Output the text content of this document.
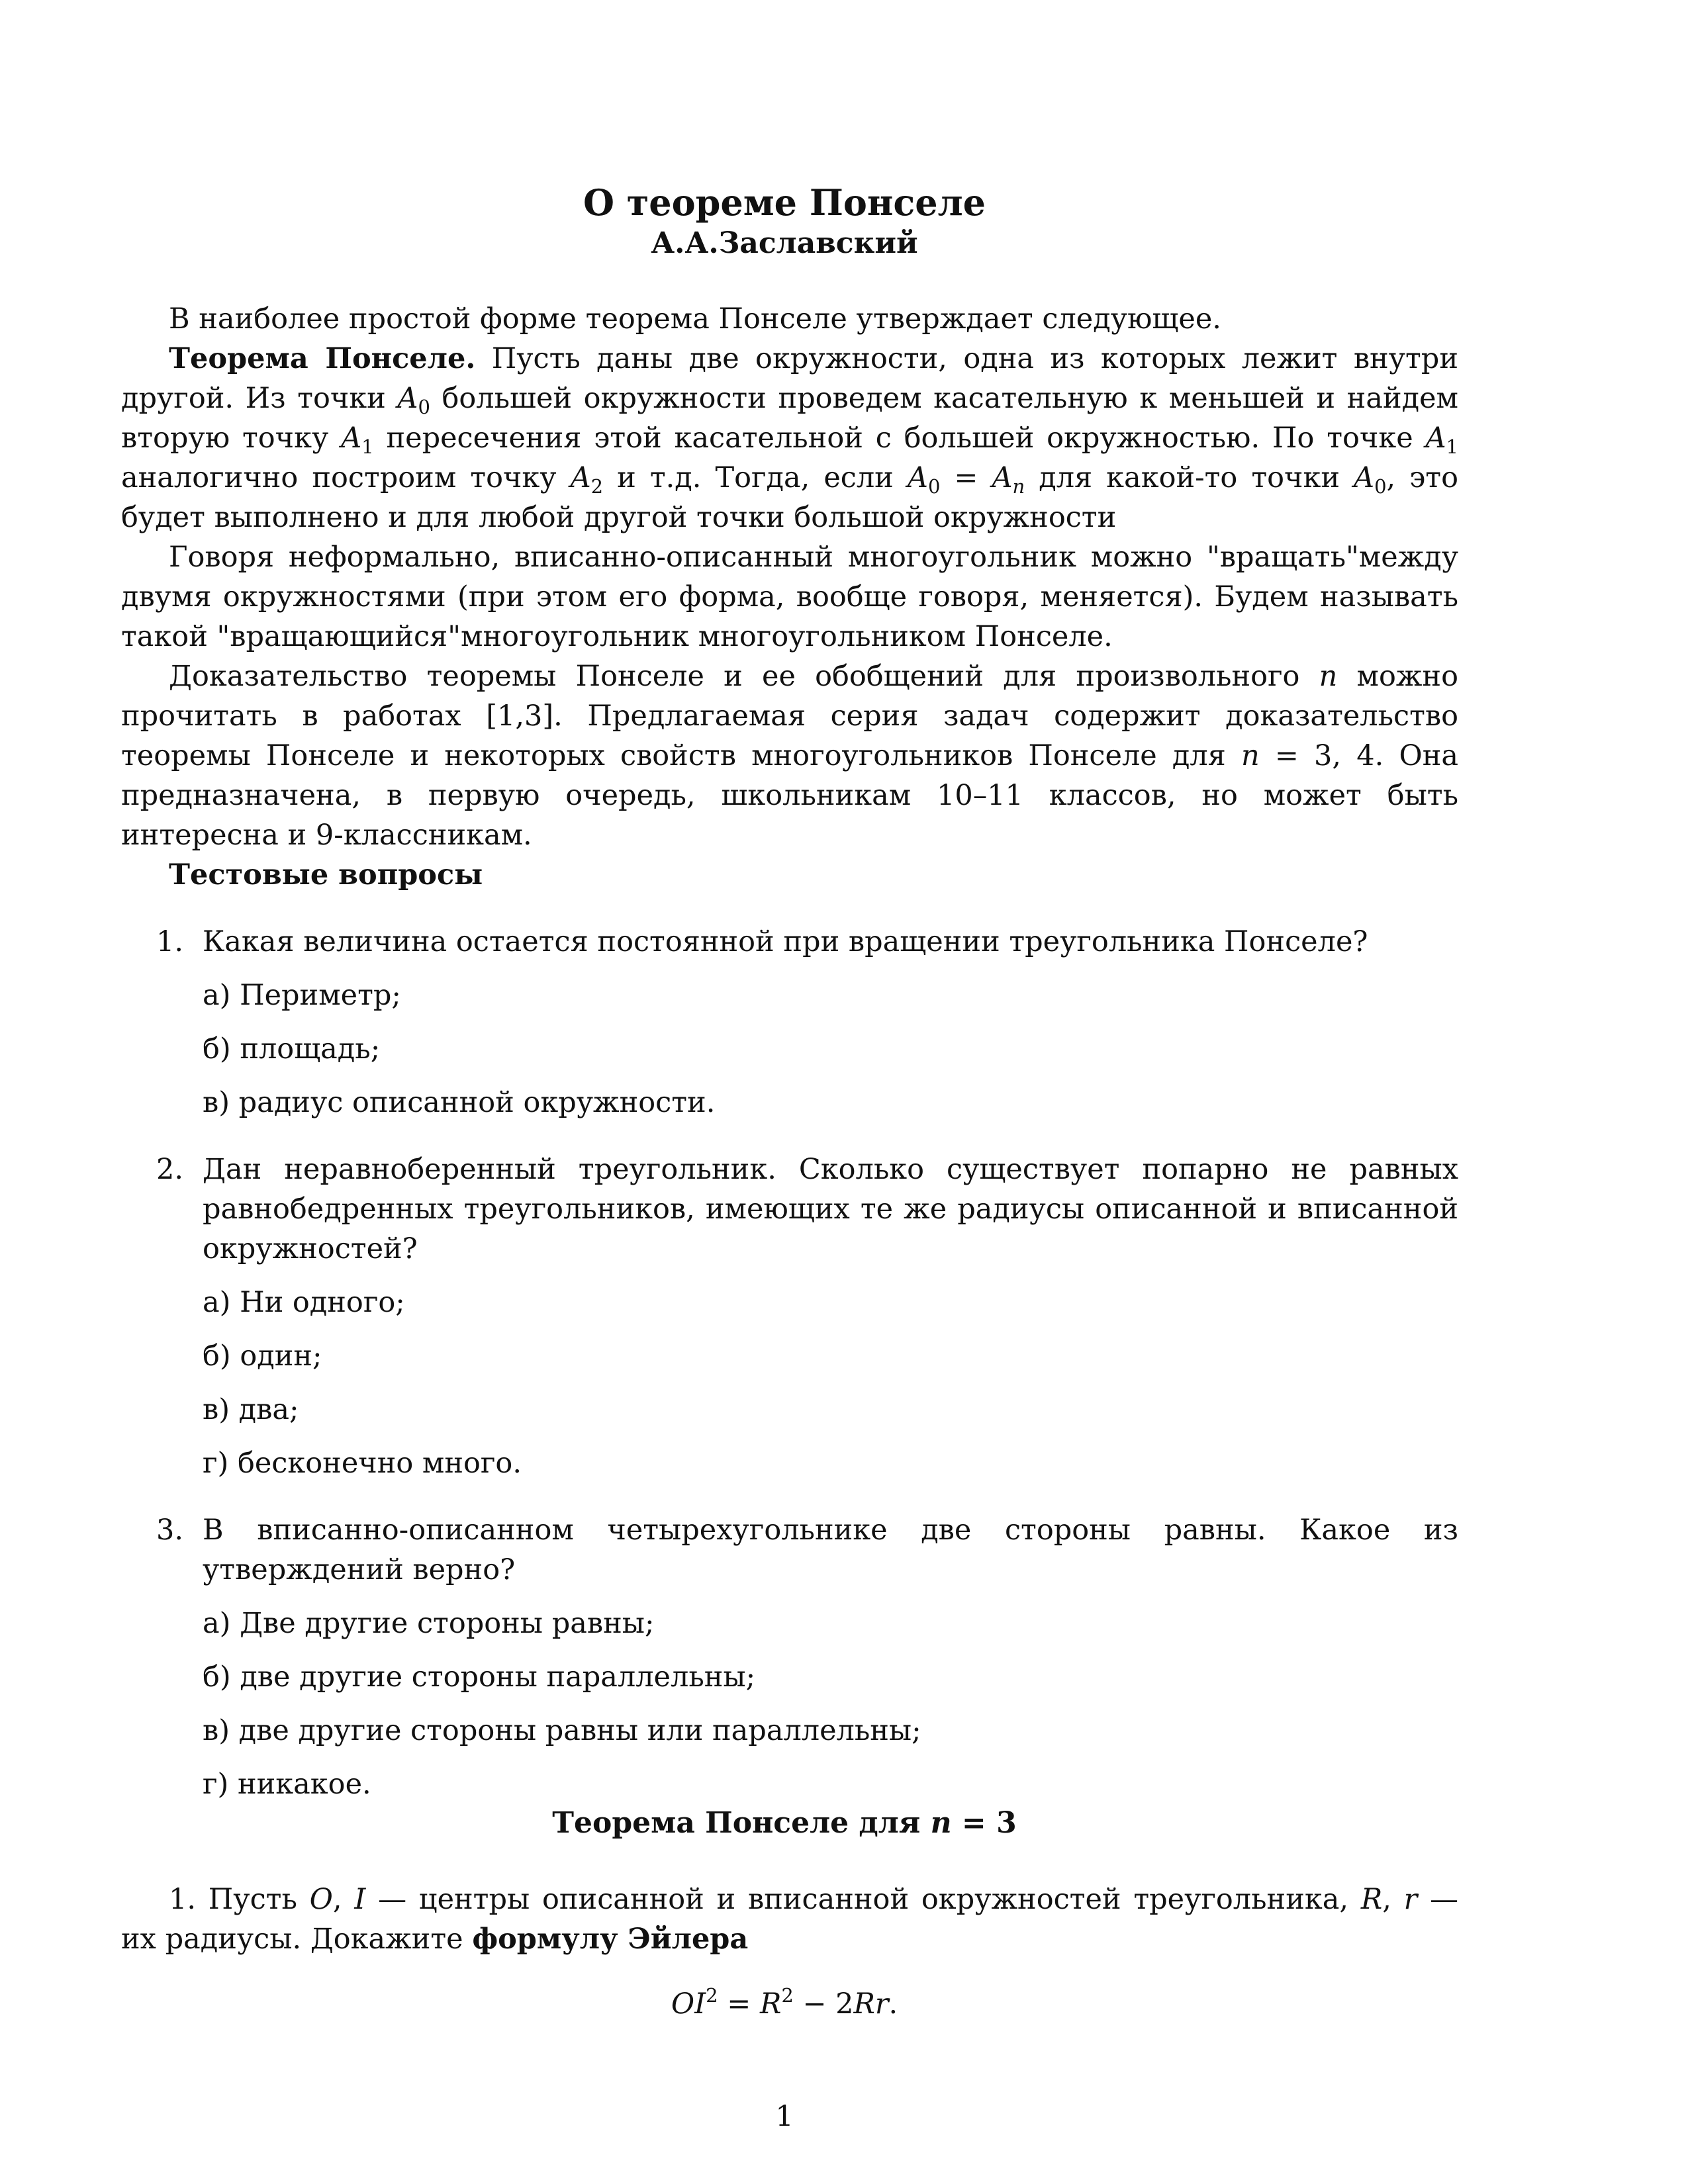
О теореме Понселе
А.А.Заславский

В наиболее простой форме теорема Понселе утверждает следующее.

Теорема Понселе. Пусть даны две окружности, одна из которых лежит внутри другой. Из точки $A_0$ большей окружности проведем касательную к меньшей и найдем вторую точку $A_1$ пересечения этой касательной с большей окружностью. По точке $A_1$ аналогично построим точку $A_2$ и т.д. Тогда, если $A_0 = A_n$ для какой-то точки $A_0$, это будет выполнено и для любой другой точки большой окружности

Говоря неформально, вписанно-описанный многоугольник можно "вращать"между двумя окружностями (при этом его форма, вообще говоря, меняется). Будем называть такой "вращающийся"многоугольник многоугольником Понселе.

Доказательство теоремы Понселе и ее обобщений для произвольного n можно прочитать в работах [1,3]. Предлагаемая серия задач содержит доказательство теоремы Понселе и некоторых свойств многоугольников Понселе для n = 3, 4. Она предназначена, в первую очередь, школьникам 10–11 классов, но может быть интересна и 9-классникам.

Тестовые вопросы

1. Какая величина остается постоянной при вращении треугольника Понселе?

а) Периметр;

б) площадь;

в) радиус описанной окружности.

2. Дан неравноберенный треугольник. Сколько существует попарно не равных равнобедренных треугольников, имеющих те же радиусы описанной и вписанной окружностей?

а) Ни одного;

б) один;

в) два;

г) бесконечно много.

3. В вписанно-описанном четырехугольнике две стороны равны. Какое из утверждений верно?

а) Две другие стороны равны;

б) две другие стороны параллельны;

в) две другие стороны равны или параллельны;

г) никакое.

Теорема Понселе для n = 3

1. Пусть O, I — центры описанной и вписанной окружностей треугольника, R, r — их радиусы. Докажите формулу Эйлера

$OI^2 = R^2 - 2Rr$.
1
